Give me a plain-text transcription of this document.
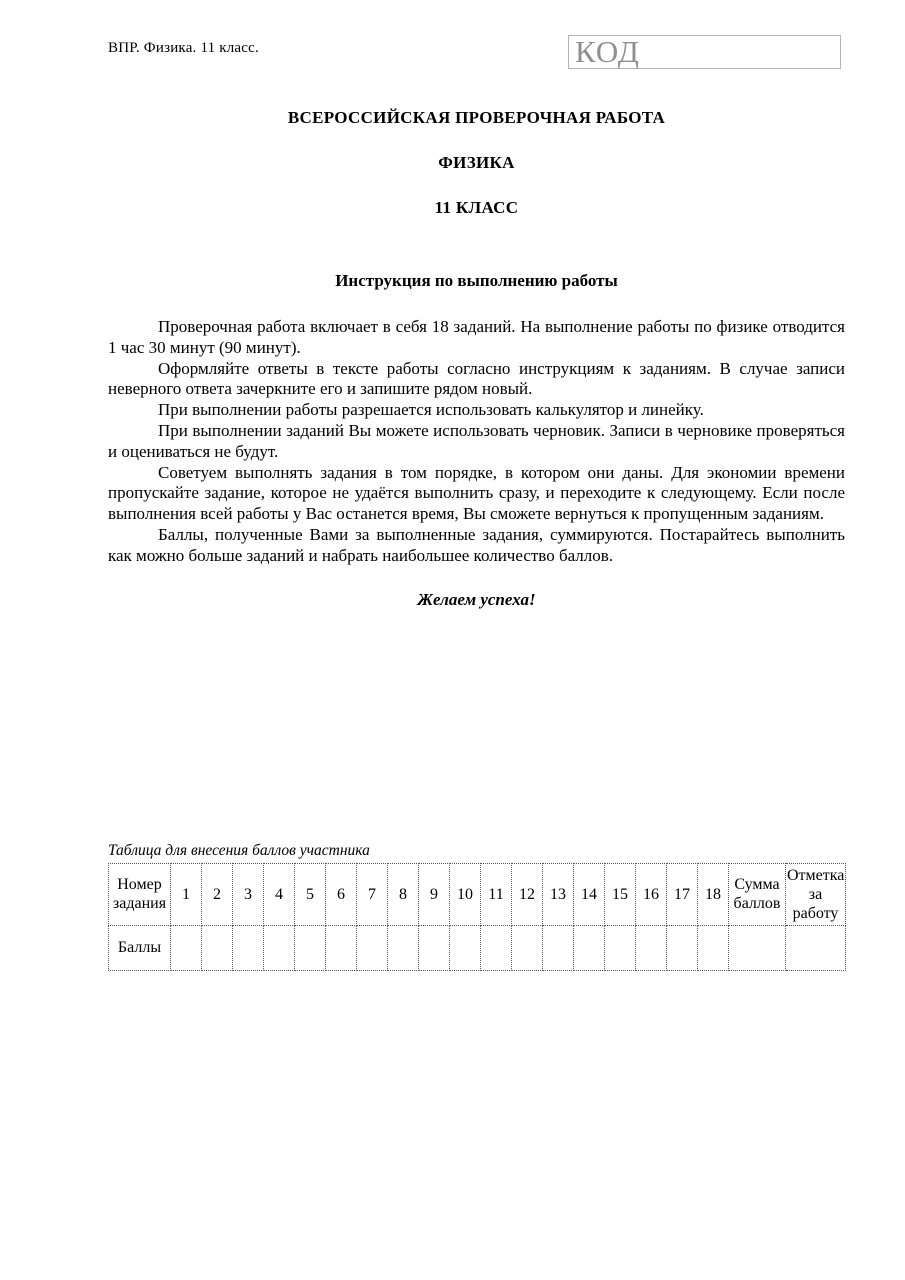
ВПР. Физика. 11 класс.	КОД
ВСЕРОССИЙСКАЯ ПРОВЕРОЧНАЯ РАБОТА
ФИЗИКА
11 КЛАСС
Инструкция по выполнению работы

Проверочная работа включает в себя 18 заданий. На выполнение работы по физике отводится 1 час 30 минут (90 минут).

Оформляйте ответы в тексте работы согласно инструкциям к заданиям. В случае записи неверного ответа зачеркните его и запишите рядом новый.

При выполнении работы разрешается использовать калькулятор и линейку.

При выполнении заданий Вы можете использовать черновик. Записи в черновике проверяться и оцениваться не будут.

Советуем выполнять задания в том порядке, в котором они даны. Для экономии времени пропускайте задание, которое не удаётся выполнить сразу, и переходите к следующему. Если после выполнения всей работы у Вас останется время, Вы сможете вернуться к пропущенным заданиям.

Баллы, полученные Вами за выполненные задания, суммируются. Постарайтесь выполнить как можно больше заданий и набрать наибольшее количество баллов.

Желаем успеха!
Таблица для внесения баллов участника
Номер задания	1	2	3	4	5	6	7	8	9	10	11	12	13	14	15	16	17	18	Сумма баллов	Отметка за работу
Баллы																				
